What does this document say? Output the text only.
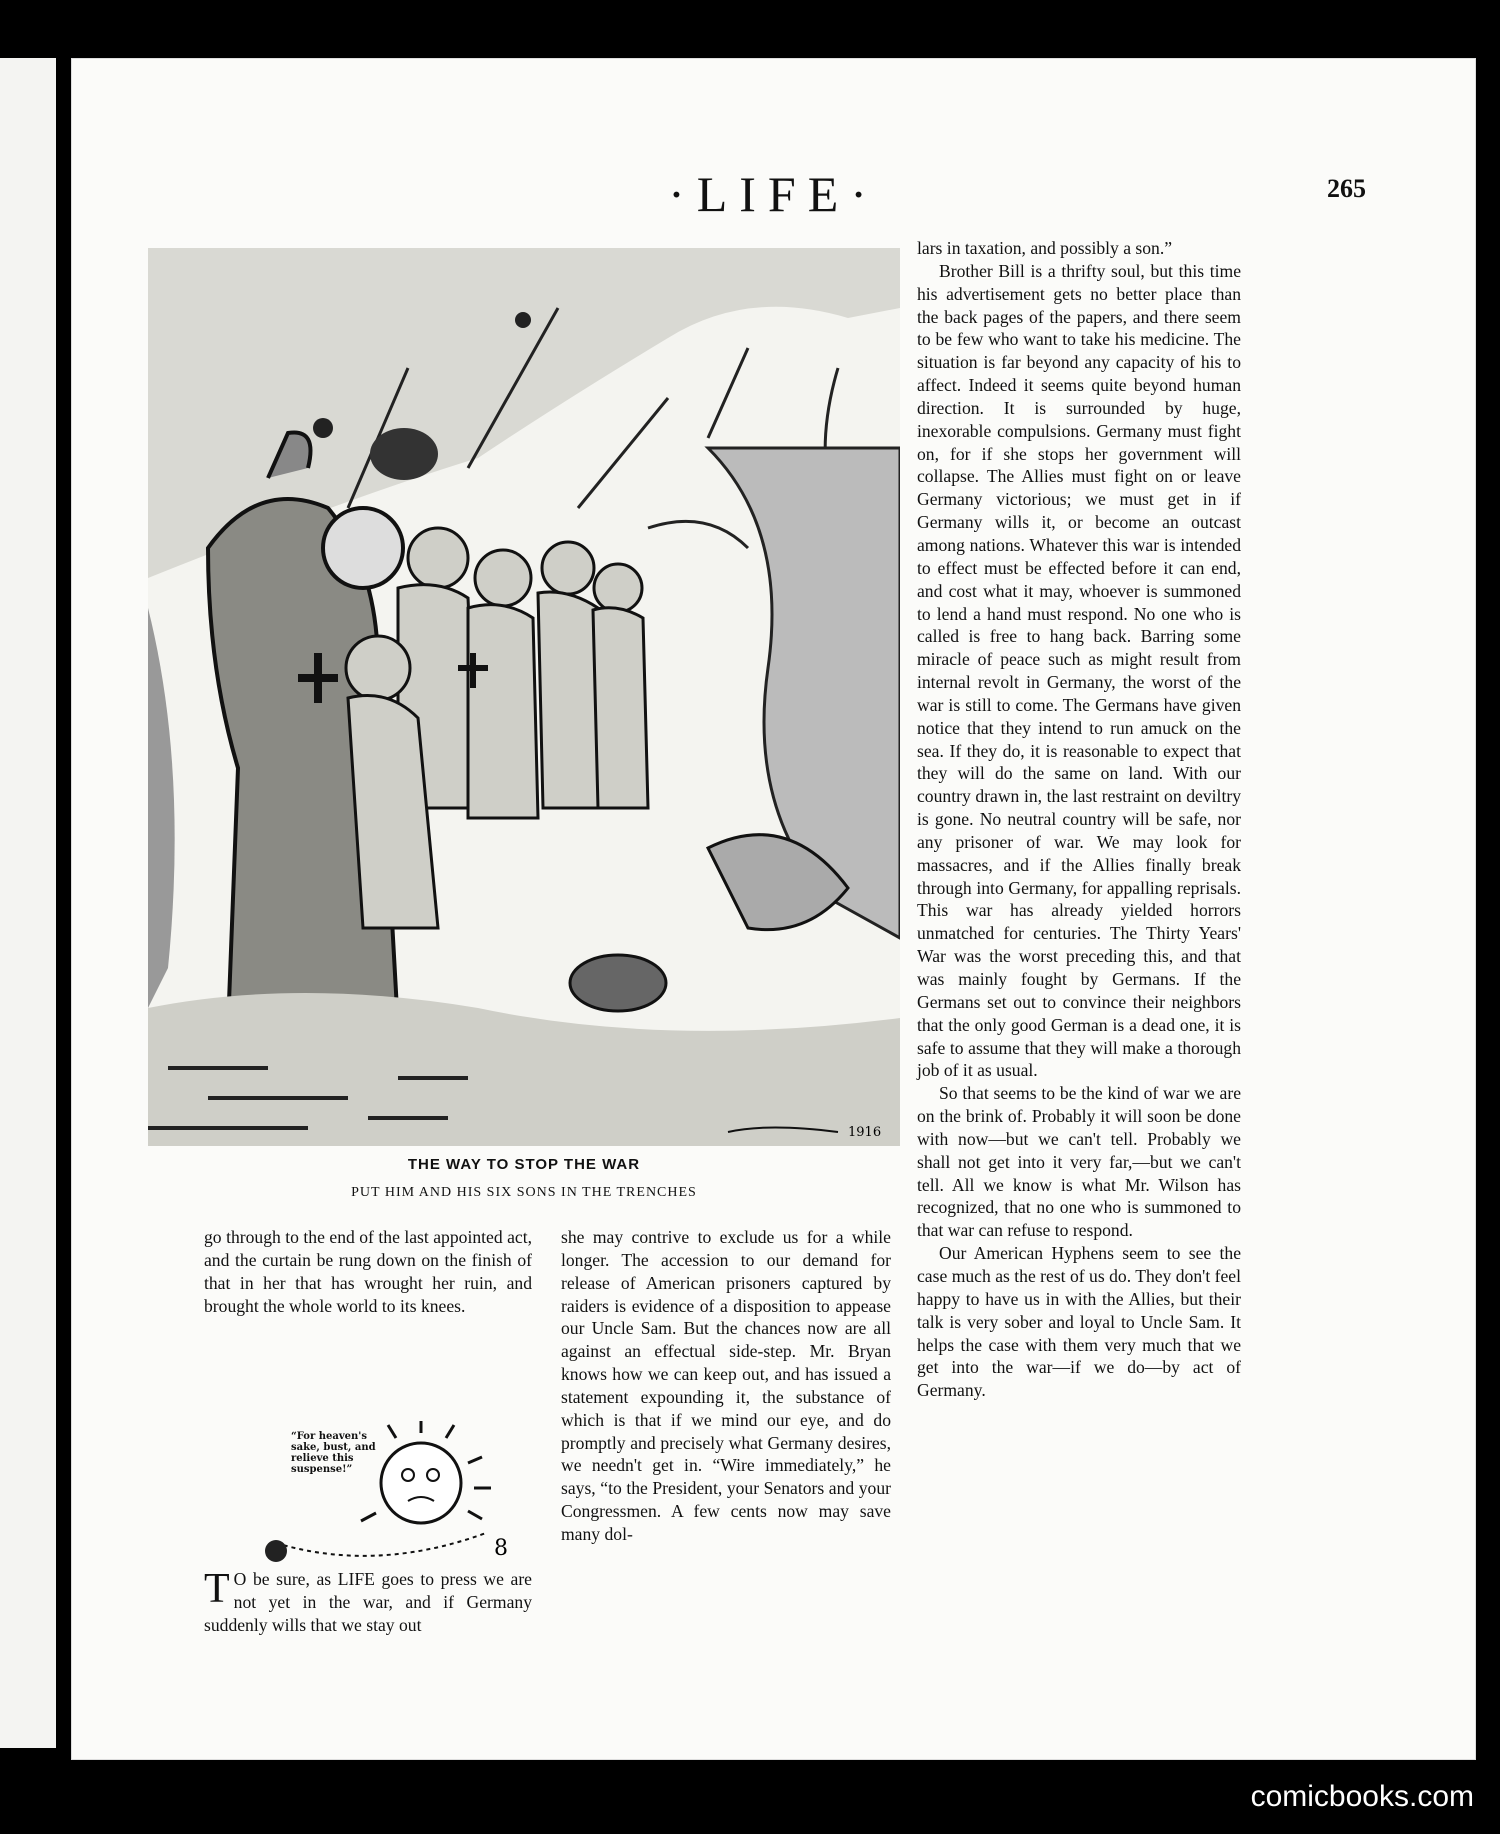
·LIFE·	265
1916
THE WAY TO STOP THE WAR
PUT HIM AND HIS SIX SONS IN THE TRENCHES

lars in taxation, and possibly a son.”

Brother Bill is a thrifty soul, but this time his advertisement gets no better place than the back pages of the papers, and there seem to be few who want to take his medicine. The situation is far beyond any capacity of his to affect. Indeed it seems quite beyond human direction. It is surrounded by huge, inexorable compulsions. Germany must fight on, for if she stops her government will collapse. The Allies must fight on or leave Germany victorious; we must get in if Germany wills it, or become an outcast among nations. Whatever this war is intended to effect must be effected before it can end, and cost what it may, whoever is summoned to lend a hand must respond. No one who is called is free to hang back. Barring some miracle of peace such as might result from internal revolt in Germany, the worst of the war is still to come. The Germans have given notice that they intend to run amuck on the sea. If they do, it is reasonable to expect that they will do the same on land. With our country drawn in, the last restraint on deviltry is gone. No neutral country will be safe, nor any prisoner of war. We may look for massacres, and if the Allies finally break through into Germany, for appalling reprisals. This war has already yielded horrors unmatched for centuries. The Thirty Years' War was the worst preceding this, and that was mainly fought by Germans. If the Germans set out to convince their neighbors that the only good German is a dead one, it is safe to assume that they will make a thorough job of it as usual.

So that seems to be the kind of war we are on the brink of. Probably it will soon be done with now—but we can't tell. Probably we shall not get into it very far,—but we can't tell. All we know is what Mr. Wilson has recognized, that no one who is summoned to that war can refuse to respond.

Our American Hyphens seem to see the case much as the rest of us do. They don't feel happy to have us in with the Allies, but their talk is very sober and loyal to Uncle Sam. It helps the case with them very much that we get into the war—if we do—by act of Germany.

go through to the end of the last appointed act, and the curtain be rung down on the finish of that in her that has wrought her ruin, and brought the whole world to its knees.

8
“For heaven's sake, bust, and relieve this suspense!”

T O be sure, as LIFE goes to press we are not yet in the war, and if Germany suddenly wills that we stay out

she may contrive to exclude us for a while longer. The accession to our demand for release of American prisoners captured by raiders is evidence of a disposition to appease our Uncle Sam. But the chances now are all against an effectual side-step. Mr. Bryan knows how we can keep out, and has issued a statement expounding it, the substance of which is that if we mind our eye, and do promptly and precisely what Germany desires, we needn't get in. “Wire immediately,” he says, “to the President, your Senators and your Congressmen. A few cents now may save many dol-

comicbooks.com
